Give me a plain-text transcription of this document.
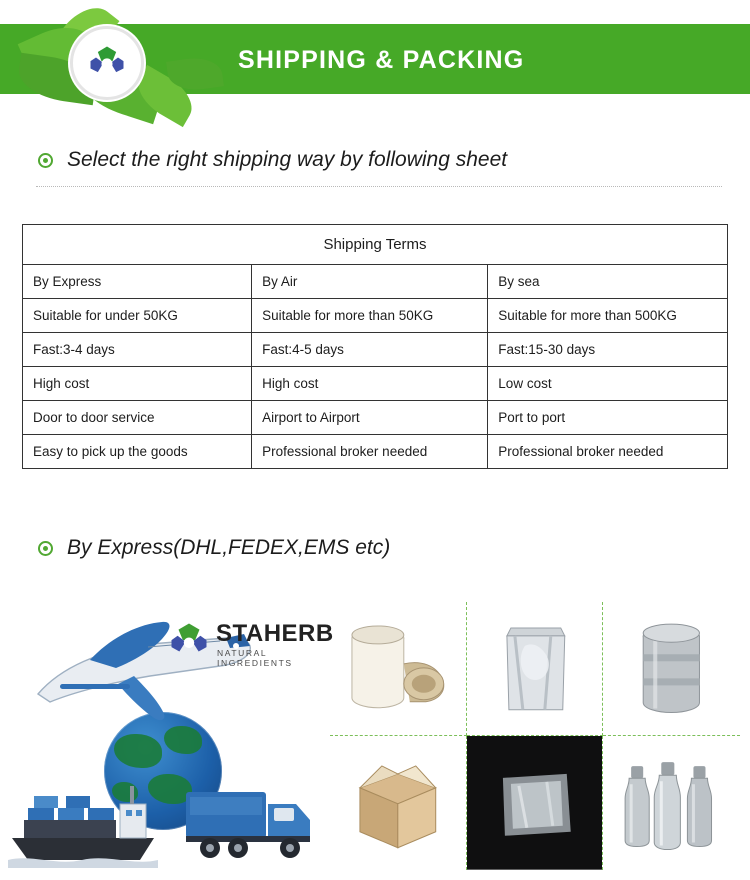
SHIPPING & PACKING
Select the right shipping way by following sheet
Shipping Terms		
By Express	By Air	By sea
Suitable for under 50KG	Suitable for more than 50KG	Suitable for more than 500KG
Fast:3-4 days	Fast:4-5 days	Fast:15-30 days
High cost	High cost	Low cost
Door to door service	Airport to Airport	Port to port
Easy to pick up the goods	Professional broker needed	Professional broker needed
By Express(DHL,FEDEX,EMS etc)
STAHERB
NATURAL INGREDIENTS
